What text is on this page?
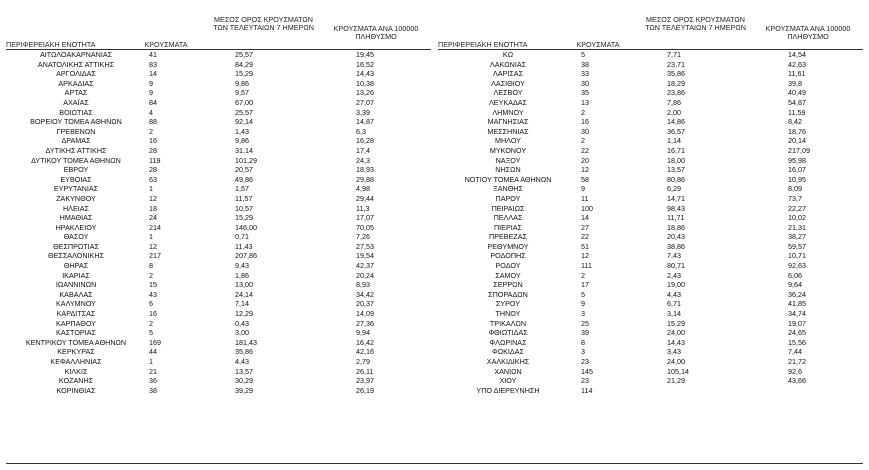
ΠΕΡΙΦΕΡΕΙΑΚΗ ΕΝΟΤΗΤΑ	ΚΡΟΥΣΜΑΤΑ
ΜΕΣΟΣ ΟΡΟΣ ΚΡΟΥΣΜΑΤΩΝ ΤΩΝ ΤΕΛΕΥΤΑΙΩΝ 7 ΗΜΕΡΩΝ	ΚΡΟΥΣΜΑΤΑ ΑΝΑ 100000 ΠΛΗΘΥΣΜΟ
ΑΙΤΩΛΟΑΚΑΡΝΑΝΙΑΣ	41	25,57	19,45
ΑΝΑΤΟΛΙΚΗΣ ΑΤΤΙΚΗΣ	83	84,29	16,52
ΑΡΓΟΛΙΔΑΣ	14	15,29	14,43
ΑΡΚΑΔΙΑΣ	9	9,86	10,38
ΑΡΤΑΣ	9	9,57	13,26
ΑΧΑΪΑΣ	84	67,00	27,07
ΒΟΙΩΤΙΑΣ	4	25,57	3,39
ΒΟΡΕΙΟΥ ΤΟΜΕΑ ΑΘΗΝΩΝ	88	92,14	14,87
ΓΡΕΒΕΝΩΝ	2	1,43	6,3
ΔΡΑΜΑΣ	16	9,86	16,28
ΔΥΤΙΚΗΣ ΑΤΤΙΚΗΣ	28	31,14	17,4
ΔΥΤΙΚΟΥ ΤΟΜΕΑ ΑΘΗΝΩΝ	119	101,29	24,3
ΕΒΡΟΥ	28	20,57	18,93
ΕΥΒΟΙΑΣ	63	49,86	29,88
ΕΥΡΥΤΑΝΙΑΣ	1	1,57	4,98
ΖΑΚΥΝΘΟΥ	12	11,57	29,44
ΗΛΕΙΑΣ	18	10,57	11,3
ΗΜΑΘΙΑΣ	24	15,29	17,07
ΗΡΑΚΛΕΙΟΥ	214	146,00	70,05
ΘΑΣΟΥ	1	0,71	7,26
ΘΕΣΠΡΩΤΙΑΣ	12	11,43	27,53
ΘΕΣΣΑΛΟΝΙΚΗΣ	217	207,86	19,54
ΘΗΡΑΣ	8	9,43	42,37
ΙΚΑΡΙΑΣ	2	1,86	20,24
ΙΩΑΝΝΙΝΩΝ	15	13,00	8,93
ΚΑΒΑΛΑΣ	43	24,14	34,42
ΚΑΛΥΜΝΟΥ	6	7,14	20,37
ΚΑΡΔΙΤΣΑΣ	16	12,29	14,09
ΚΑΡΠΑΘΟΥ	2	0,43	27,36
ΚΑΣΤΟΡΙΑΣ	5	3,00	9,94
ΚΕΝΤΡΙΚΟΥ ΤΟΜΕΑ ΑΘΗΝΩΝ	169	181,43	16,42
ΚΕΡΚΥΡΑΣ	44	35,86	42,16
ΚΕΦΑΛΛΗΝΙΑΣ	1	4,43	2,79
ΚΙΛΚΙΣ	21	13,57	26,11
ΚΟΖΑΝΗΣ	36	30,29	23,97
ΚΟΡΙΝΘΙΑΣ	38	39,29	26,19
ΠΕΡΙΦΕΡΕΙΑΚΗ ΕΝΟΤΗΤΑ	ΚΡΟΥΣΜΑΤΑ
ΜΕΣΟΣ ΟΡΟΣ ΚΡΟΥΣΜΑΤΩΝ ΤΩΝ ΤΕΛΕΥΤΑΙΩΝ 7 ΗΜΕΡΩΝ	ΚΡΟΥΣΜΑΤΑ ΑΝΑ 100000 ΠΛΗΘΥΣΜΟ
ΚΩ	5	7,71	14,54
ΛΑΚΩΝΙΑΣ	38	23,71	42,63
ΛΑΡΙΣΑΣ	33	35,86	11,61
ΛΑΣΙΘΙΟΥ	30	18,29	39,8
ΛΕΣΒΟΥ	35	23,86	40,49
ΛΕΥΚΑΔΑΣ	13	7,86	54,87
ΛΗΜΝΟΥ	2	2,00	11,59
ΜΑΓΝΗΣΙΑΣ	16	14,86	8,42
ΜΕΣΣΗΝΙΑΣ	30	36,57	18,76
ΜΗΛΟΥ	2	1,14	20,14
ΜΥΚΟΝΟΥ	22	16,71	217,09
ΝΑΞΟΥ	20	18,00	95,98
ΝΗΣΩΝ	12	13,57	16,07
ΝΟΤΙΟΥ ΤΟΜΕΑ ΑΘΗΝΩΝ	58	80,86	10,95
ΞΑΝΘΗΣ	9	6,29	8,09
ΠΑΡΟΥ	11	14,71	73,7
ΠΕΙΡΑΙΩΣ	100	98,43	22,27
ΠΕΛΛΑΣ	14	11,71	10,02
ΠΙΕΡΙΑΣ	27	18,86	21,31
ΠΡΕΒΕΖΑΣ	22	20,43	38,27
ΡΕΘΥΜΝΟΥ	51	38,86	59,57
ΡΟΔΟΠΗΣ	12	7,43	10,71
ΡΟΔΟΥ	111	80,71	92,63
ΣΑΜΟΥ	2	2,43	6,06
ΣΕΡΡΩΝ	17	19,00	9,64
ΣΠΟΡΑΔΩΝ	5	4,43	36,24
ΣΥΡΟΥ	9	6,71	41,85
ΤΗΝΟΥ	3	3,14	34,74
ΤΡΙΚΑΛΩΝ	25	15,29	19,07
ΦΘΙΩΤΙΔΑΣ	39	24,00	24,65
ΦΛΩΡΙΝΑΣ	8	14,43	15,56
ΦΩΚΙΔΑΣ	3	3,43	7,44
ΧΑΛΚΙΔΙΚΗΣ	23	24,00	21,72
ΧΑΝΙΩΝ	145	105,14	92,6
ΧΙΟΥ	23	21,29	43,66
ΥΠΟ ΔΙΕΡΕΥΝΗΣΗ	114
